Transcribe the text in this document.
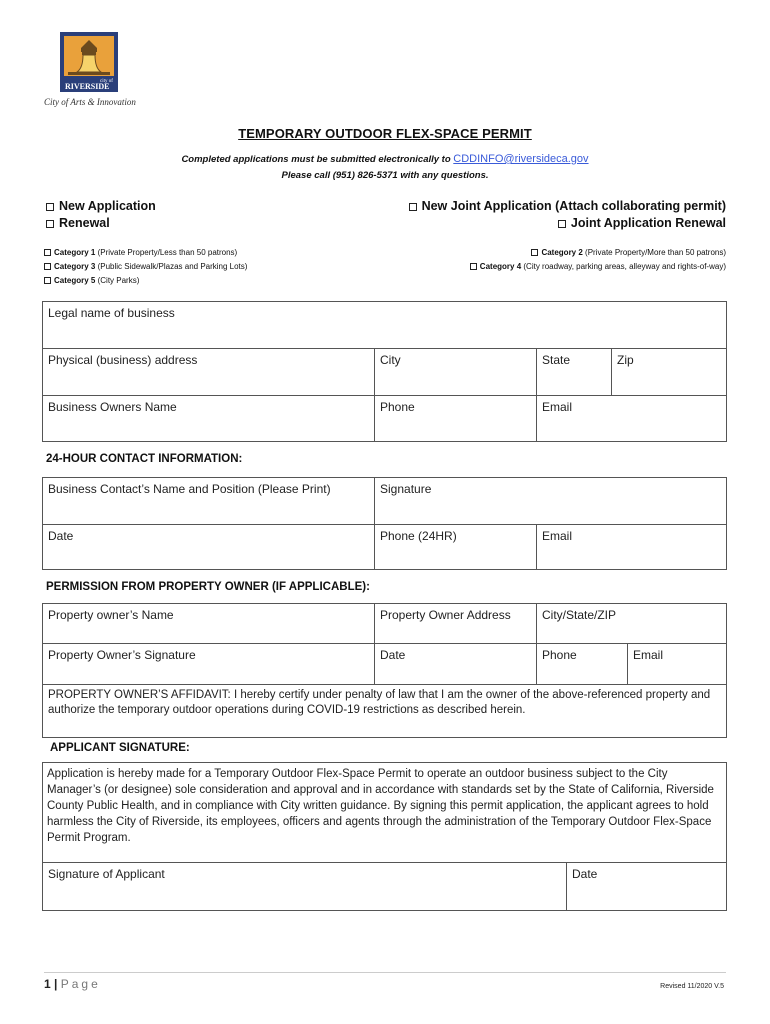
city of
RIVERSIDE
City of Arts & Innovation
TEMPORARY OUTDOOR FLEX-SPACE PERMIT
Completed applications must be submitted electronically to CDDINFO@riversideca.gov
Please call (951) 826-5371 with any questions.
New Application
Renewal
New Joint Application (Attach collaborating permit)
Joint Application Renewal
Category 1 (Private Property/Less than 50 patrons)
Category 3 (Public Sidewalk/Plazas and Parking Lots)
Category 5 (City Parks)
Category 2 (Private Property/More than 50 patrons)
Category 4 (City roadway, parking areas, alleyway and rights-of-way)
Legal name of business
Physical (business) address	City	State	Zip
Business Owners Name	Phone	Email
24-HOUR CONTACT INFORMATION:
Business Contact’s Name and Position (Please Print)	Signature
Date	Phone (24HR)	Email
PERMISSION FROM PROPERTY OWNER (IF APPLICABLE):
Property owner’s Name	Property Owner Address	City/State/ZIP
Property Owner’s Signature	Date	Phone	Email
PROPERTY OWNER’S AFFIDAVIT: I hereby certify under penalty of law that I am the owner of the above-referenced property and authorize the temporary outdoor operations during COVID-19 restrictions as described herein.
APPLICANT SIGNATURE:
Application is hereby made for a Temporary Outdoor Flex-Space Permit to operate an outdoor business subject to the City Manager’s (or designee) sole consideration and approval and in accordance with standards set by the State of California, Riverside County Public Health, and in compliance with City written guidance. By signing this permit application, the applicant agrees to hold harmless the City of Riverside, its employees, officers and agents through the administration of the Temporary Outdoor Flex-Space Permit Program.
Signature of Applicant	Date
1 | Page	Revised 11/2020 V.5
